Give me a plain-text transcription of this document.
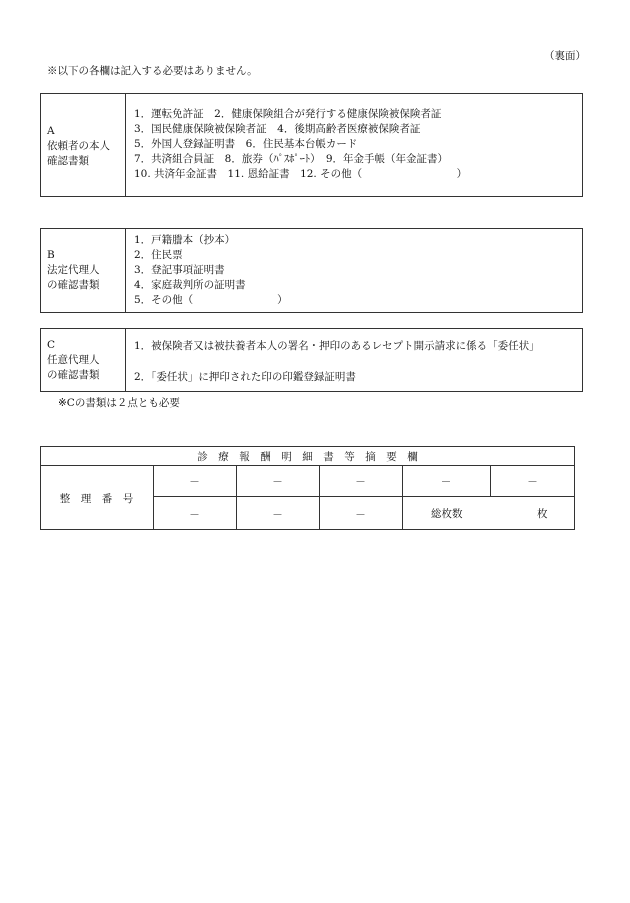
（裏面）
※以下の各欄は記入する必要はありません。
A
依頼者の本人
確認書類
1．運転免許証　2．健康保険組合が発行する健康保険被保険者証
3．国民健康保険被保険者証　4．後期高齢者医療被保険者証
5．外国人登録証明書　6．住民基本台帳カード
7．共済組合員証　8．旅券（ﾊﾟｽﾎﾟｰﾄ）　9．年金手帳（年金証書）
10. 共済年金証書　11. 恩給証書　12. その他（　　　　　　　　　）
B
法定代理人
の確認書類
1．戸籍謄本（抄本）
2．住民票
3．登記事項証明書
4．家庭裁判所の証明書
5．その他（　　　　　　　　）
C
任意代理人
の確認書類
1．被保険者又は被扶養者本人の署名・押印のあるレセプト開示請求に係る「委任状」
2．「委任状」に押印された印の印鑑登録証明書
※Cの書類は２点とも必要
診　療　報　酬　明　細　書　等　摘　要　欄
整　理　番　号
－	－	－	－	－
－	－	－	総枚数	枚
